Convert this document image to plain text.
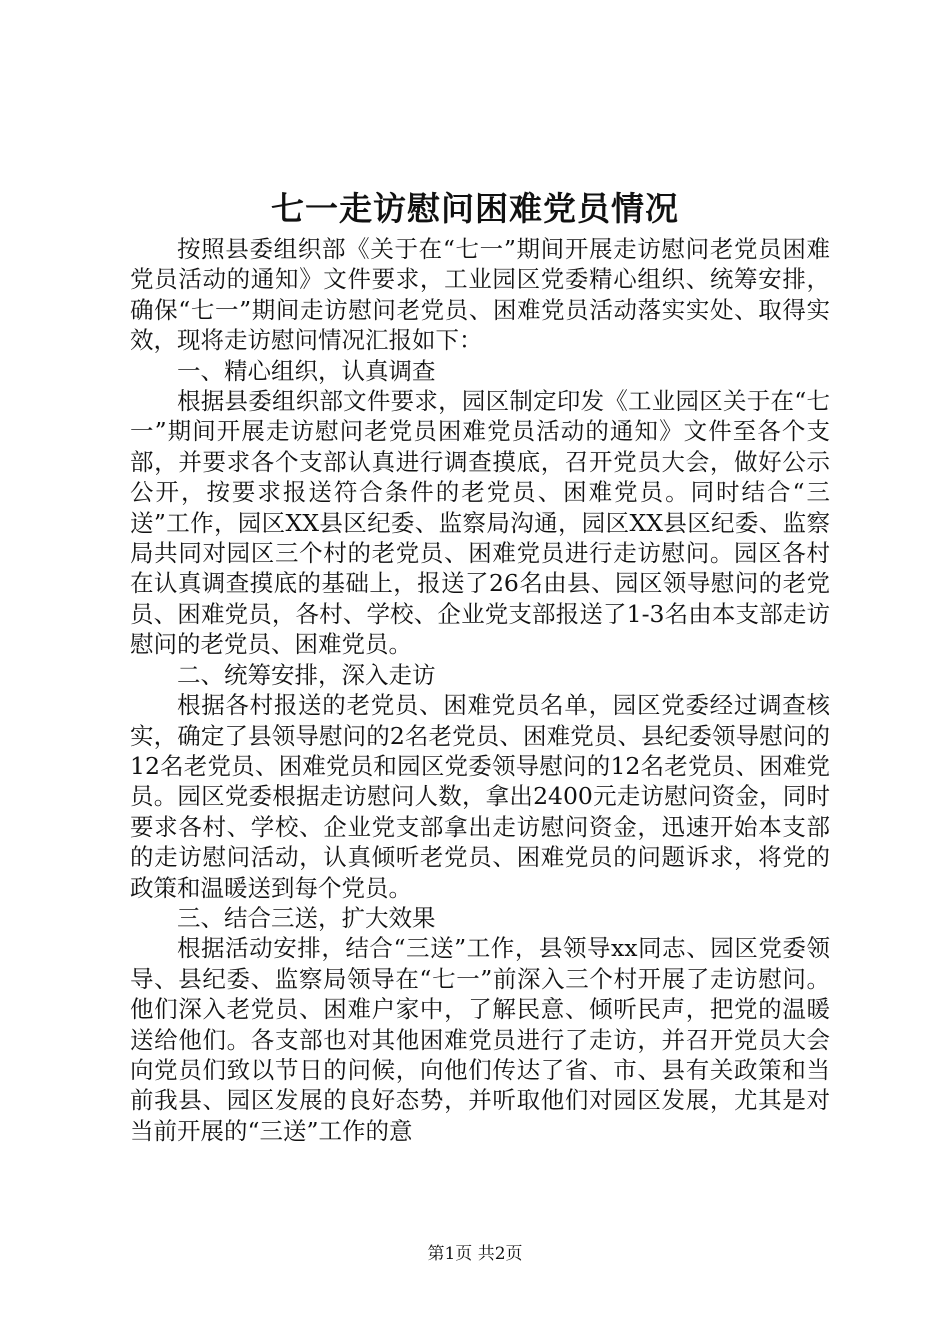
七一走访慰问困难党员情况

按照县委组织部《关于在“七一”期间开展走访慰问老党员困难党员活动的通知》文件要求，工业园区党委精心组织、统筹安排，确保“七一”期间走访慰问老党员、困难党员活动落实实处、取得实效，现将走访慰问情况汇报如下：

一、精心组织，认真调查

根据县委组织部文件要求，园区制定印发《工业园区关于在“七一”期间开展走访慰问老党员困难党员活动的通知》文件至各个支部，并要求各个支部认真进行调查摸底，召开党员大会，做好公示公开，按要求报送符合条件的老党员、困难党员。同时结合“三送”工作，园区XX县区纪委、监察局沟通，园区XX县区纪委、监察局共同对园区三个村的老党员、困难党员进行走访慰问。园区各村在认真调查摸底的基础上，报送了26名由县、园区领导慰问的老党员、困难党员，各村、学校、企业党支部报送了1-3名由本支部走访慰问的老党员、困难党员。

二、统筹安排，深入走访

根据各村报送的老党员、困难党员名单，园区党委经过调查核实，确定了县领导慰问的2名老党员、困难党员、县纪委领导慰问的12名老党员、困难党员和园区党委领导慰问的12名老党员、困难党员。园区党委根据走访慰问人数，拿出2400元走访慰问资金，同时要求各村、学校、企业党支部拿出走访慰问资金，迅速开始本支部的走访慰问活动，认真倾听老党员、困难党员的问题诉求，将党的政策和温暖送到每个党员。

三、结合三送，扩大效果

根据活动安排，结合“三送”工作，县领导xx同志、园区党委领导、县纪委、监察局领导在“七一”前深入三个村开展了走访慰问。他们深入老党员、困难户家中，了解民意、倾听民声，把党的温暖送给他们。各支部也对其他困难党员进行了走访，并召开党员大会向党员们致以节日的问候，向他们传达了省、市、县有关政策和当前我县、园区发展的良好态势，并听取他们对园区发展，尤其是对当前开展的“三送”工作的意

第1页 共2页
